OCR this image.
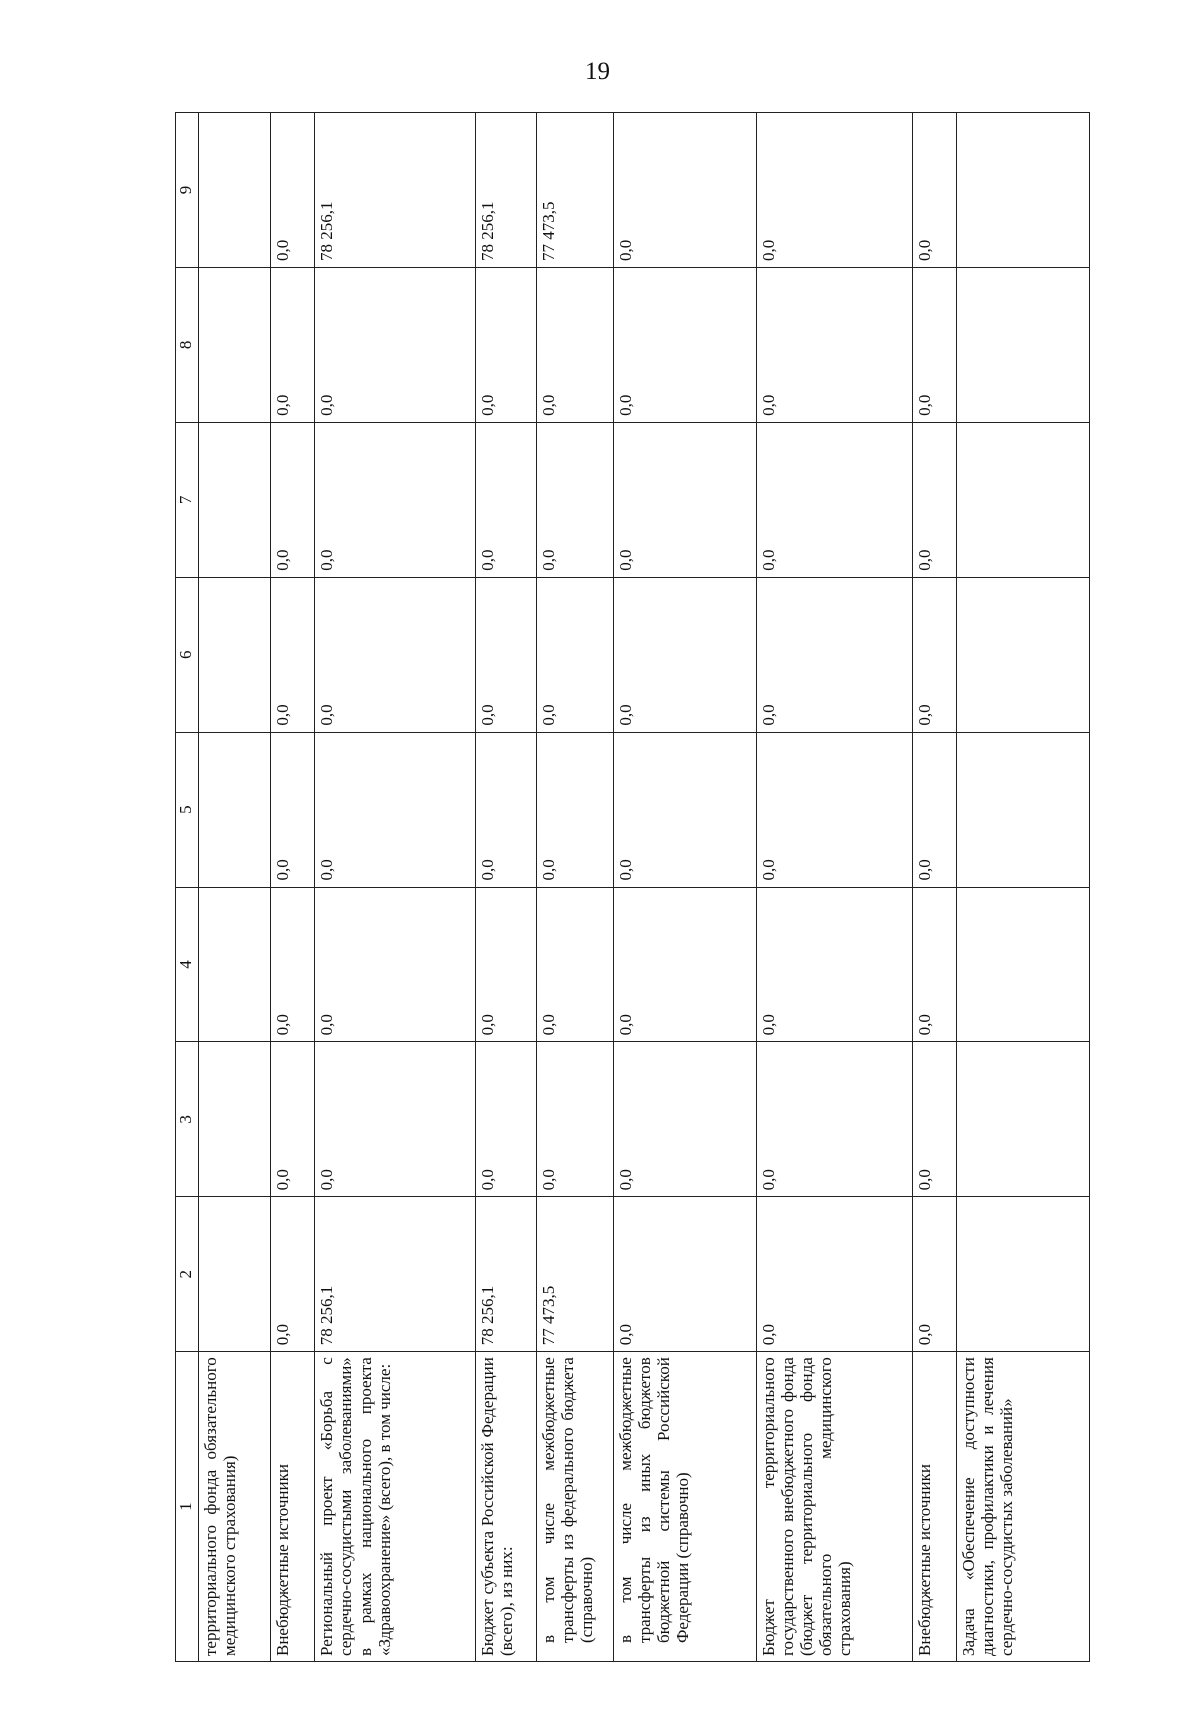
19
1	2	3	4	5	6	7	8	9
территориального фонда обязательного медицинского страхования)								
Внебюджетные источники	0,0	0,0	0,0	0,0	0,0	0,0	0,0	0,0
Региональный проект «Борьба с сердечно-сосудистыми заболеваниями» в рамках национального проекта «Здравоохранение» (всего), в том числе:	78 256,1	0,0	0,0	0,0	0,0	0,0	0,0	78 256,1
Бюджет субъекта Российской Федерации (всего), из них:	78 256,1	0,0	0,0	0,0	0,0	0,0	0,0	78 256,1
в том числе межбюджетные трансферты из федерального бюджета (справочно)	77 473,5	0,0	0,0	0,0	0,0	0,0	0,0	77 473,5
в том числе межбюджетные трансферты из иных бюджетов бюджетной системы Российской Федерации (справочно)	0,0	0,0	0,0	0,0	0,0	0,0	0,0	0,0
Бюджет территориального государственного внебюджетного фонда (бюджет территориального фонда обязательного медицинского страхования)	0,0	0,0	0,0	0,0	0,0	0,0	0,0	0,0
Внебюджетные источники	0,0	0,0	0,0	0,0	0,0	0,0	0,0	0,0
Задача «Обеспечение доступности диагностики, профилактики и лечения сердечно-сосудистых заболеваний»								
